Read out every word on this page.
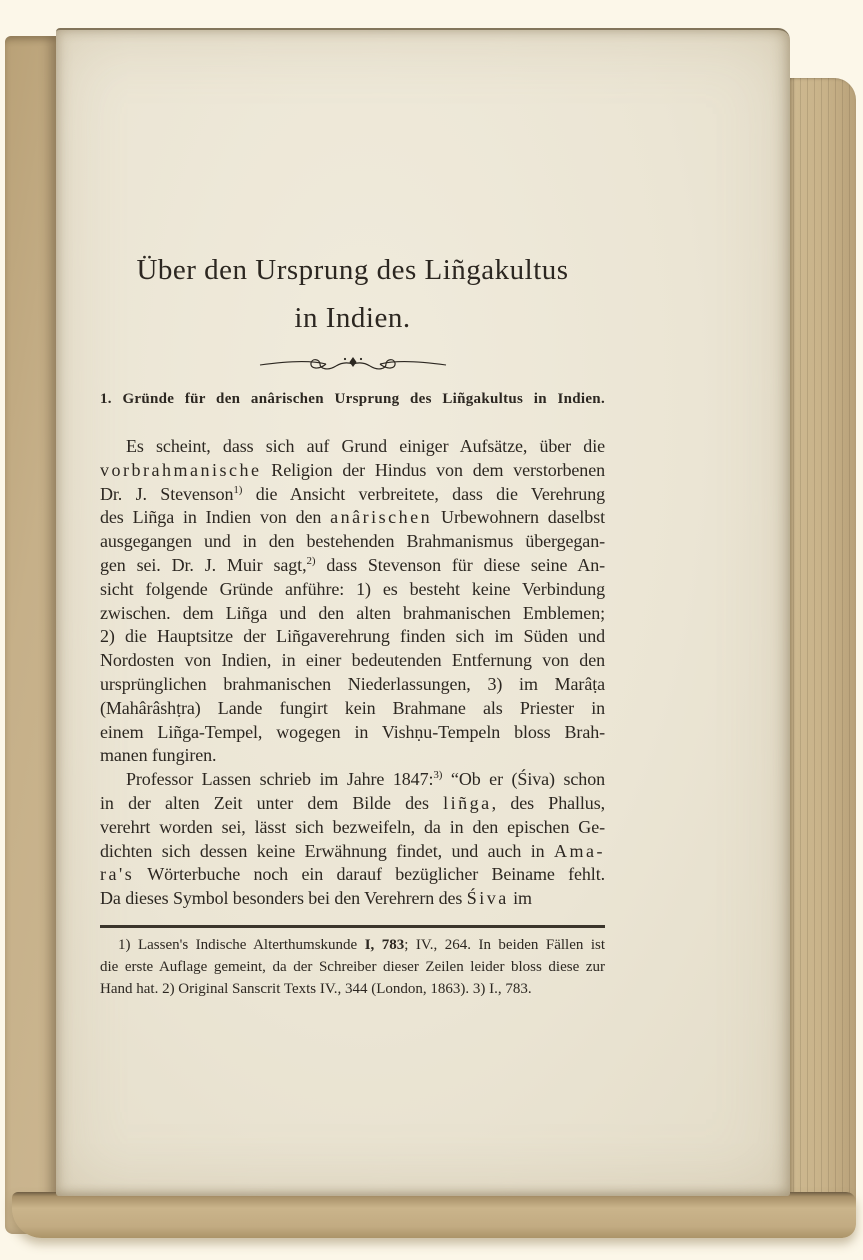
Über den Ursprung des Liñgakultus
in Indien.
1. Gründe für den anârischen Ursprung des Liñgakultus in Indien.
Es scheint, dass sich auf Grund einiger Aufsätze, über die
vorbrahmanische Religion der Hindus von dem verstorbenen
Dr. J. Stevenson$^{1)}$ die Ansicht verbreitete, dass die Verehrung
des Liñga in Indien von den anârischen Urbewohnern daselbst
ausgegangen und in den bestehenden Brahmanismus übergegan-
gen sei. Dr. J. Muir sagt,$^{2)}$ dass Stevenson für diese seine An-
sicht folgende Gründe anführe: 1) es besteht keine Verbindung
zwischen. dem Liñga und den alten brahmanischen Emblemen;
2) die Hauptsitze der Liñgaverehrung finden sich im Süden und
Nordosten von Indien, in einer bedeutenden Entfernung von den
ursprünglichen brahmanischen Niederlassungen, 3) im Marâṭa
(Mahârâshṭra) Lande fungirt kein Brahmane als Priester in
einem Liñga-Tempel, wogegen in Vishṇu-Tempeln bloss Brah-
manen fungiren.
Professor Lassen schrieb im Jahre 1847:$^{3)}$ “Ob er (Śiva) schon
in der alten Zeit unter dem Bilde des liñga, des Phallus,
verehrt worden sei, lässt sich bezweifeln, da in den epischen Ge-
dichten sich dessen keine Erwähnung findet, und auch in Ama-
ra's Wörterbuche noch ein darauf bezüglicher Beiname fehlt.
Da dieses Symbol besonders bei den Verehrern des Śiva im
1) Lassen's Indische Alterthumskunde I, 783; IV., 264. In beiden Fällen ist
die erste Auflage gemeint, da der Schreiber dieser Zeilen leider bloss diese zur
Hand hat. 2) Original Sanscrit Texts IV., 344 (London, 1863). 3) I., 783.
